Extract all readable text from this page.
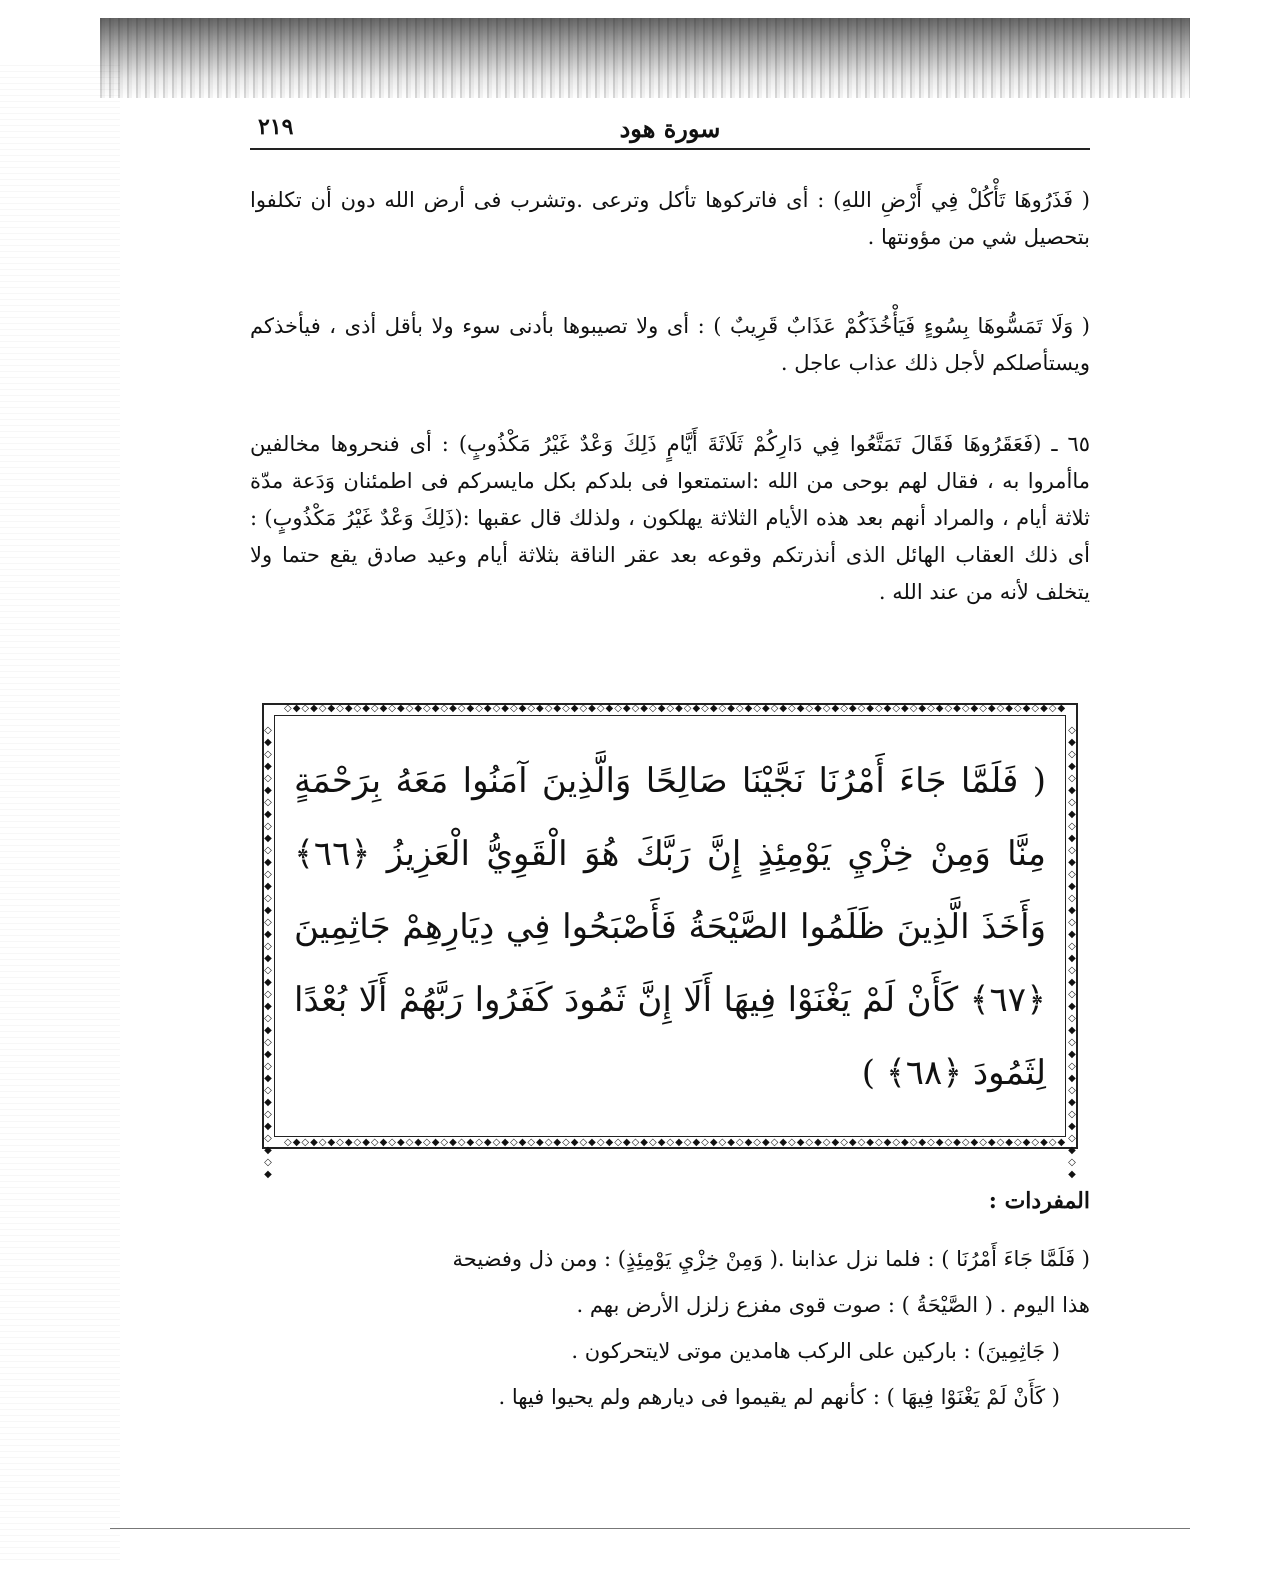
سورة هود
٢١٩
( فَذَرُوهَا تَأْكُلْ فِي أَرْضِ اللهِ) : أى فاتركوها تأكل وترعى .وتشرب فى أرض الله دون أن تكلفوا بتحصيل شي من مؤونتها .
( وَلَا تَمَسُّوهَا بِسُوءٍ فَيَأْخُذَكُمْ عَذَابٌ قَرِيبٌ ) : أى ولا تصيبوها بأدنى سوء ولا بأقل أذى ، فيأخذكم ويستأصلكم لأجل ذلك عذاب عاجل .
٦٥ ـ (فَعَقَرُوهَا فَقَالَ تَمَتَّعُوا فِي دَارِكُمْ ثَلَاثَةَ أَيَّامٍ ذَلِكَ وَعْدٌ غَيْرُ مَكْذُوبٍ) : أى فنحروها مخالفين ماأمروا به ، فقال لهم بوحى من الله :استمتعوا فى بلدكم بكل مايسركم فى اطمئنان وَدَعة مدّة ثلاثة أيام ، والمراد أنهم بعد هذه الأيام الثلاثة يهلكون ، ولذلك قال عقبها :(ذَلِكَ وَعْدٌ غَيْرُ مَكْذُوبٍ) : أى ذلك العقاب الهائل الذى أنذرتكم وقوعه بعد عقر الناقة بثلاثة أيام وعيد صادق يقع حتما ولا يتخلف لأنه من عند الله .
◇◆◇◆◇◆◇◆◇◆◇◆◇◆◇◆◇◆◇◆◇◆◇◆◇◆◇◆◇◆◇◆◇◆◇◆◇◆◇◆◇◆◇◆◇◆◇◆◇◆◇◆◇◆◇◆◇◆◇◆◇◆◇◆◇◆◇◆◇◆◇◆◇◆◇◆◇◆◇◆◇◆◇◆◇◆◇◆◇◆
◇◆◇◆◇◆◇◆◇◆◇◆◇◆◇◆◇◆◇◆◇◆◇◆◇◆◇◆◇◆◇◆◇◆◇◆◇◆◇◆◇◆◇◆◇◆◇◆◇◆◇◆◇◆◇◆◇◆◇◆◇◆◇◆◇◆◇◆◇◆◇◆◇◆◇◆◇◆◇◆◇◆◇◆◇◆◇◆◇◆
◇◆◇◆◇◆◇◆◇◆◇◆◇◆◇◆◇◆◇◆◇◆◇◆◇◆◇◆◇◆◇◆◇◆◇◆◇◆
◇◆◇◆◇◆◇◆◇◆◇◆◇◆◇◆◇◆◇◆◇◆◇◆◇◆◇◆◇◆◇◆◇◆◇◆◇◆
( فَلَمَّا جَاءَ أَمْرُنَا نَجَّيْنَا صَالِحًا وَالَّذِينَ آمَنُوا مَعَهُ بِرَحْمَةٍ مِنَّا وَمِنْ خِزْيِ يَوْمِئِذٍ إِنَّ رَبَّكَ هُوَ الْقَوِيُّ الْعَزِيزُ ﴿٦٦﴾ وَأَخَذَ الَّذِينَ ظَلَمُوا الصَّيْحَةُ فَأَصْبَحُوا فِي دِيَارِهِمْ جَاثِمِينَ ﴿٦٧﴾ كَأَنْ لَمْ يَغْنَوْا فِيهَا أَلَا إِنَّ ثَمُودَ كَفَرُوا رَبَّهُمْ أَلَا بُعْدًا لِثَمُودَ ﴿٦٨﴾ )
المفردات :
( فَلَمَّا جَاءَ أَمْرُنَا ) : فلما نزل عذابنا .( وَمِنْ خِزْيِ يَوْمِئِذٍ) : ومن ذل وفضيحة
هذا اليوم . ( الصَّيْحَةُ ) : صوت قوى مفزع زلزل الأرض بهم .
( جَاثِمِينَ) : باركين على الركب هامدين موتى لايتحركون .
( كَأَنْ لَمْ يَغْنَوْا فِيهَا ) : كأنهم لم يقيموا فى ديارهم ولم يحيوا فيها .
